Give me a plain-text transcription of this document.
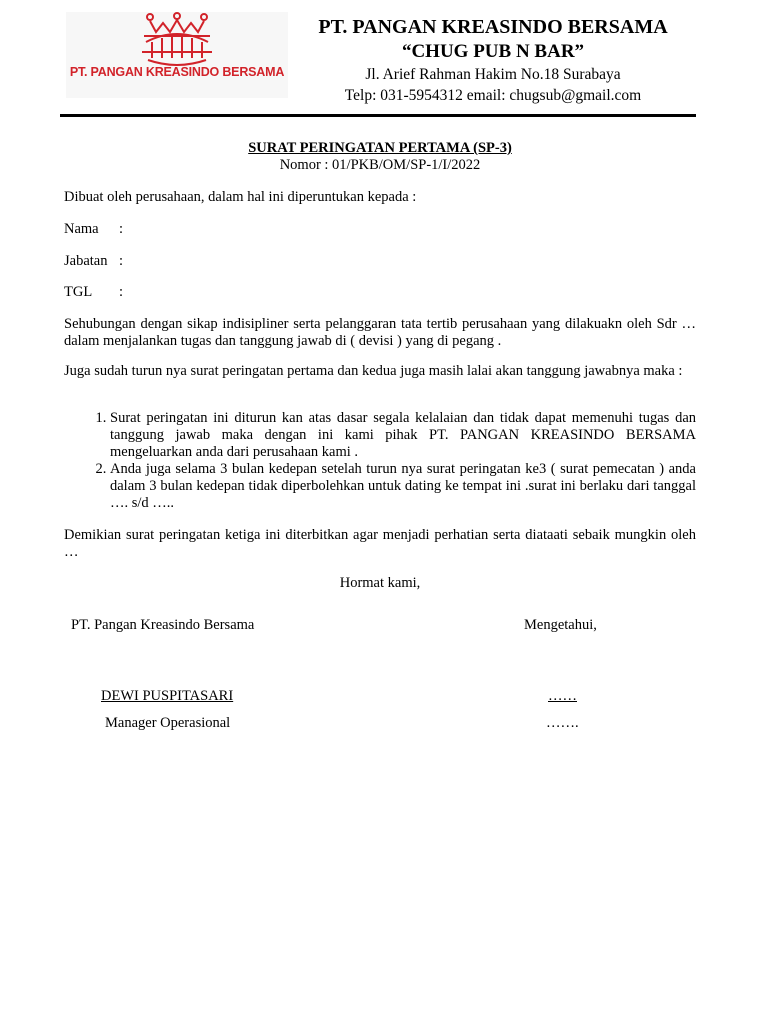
PT. PANGAN KREASINDO BERSAMA
PT. PANGAN KREASINDO BERSAMA
“CHUG PUB N BAR”
Jl. Arief Rahman Hakim No.18 Surabaya
Telp: 031-5954312 email: chugsub@gmail.com
SURAT PERINGATAN PERTAMA (SP-3)
Nomor : 01/PKB/OM/SP-1/I/2022
Dibuat oleh perusahaan, dalam hal ini diperuntukan kepada :
Nama :
Jabatan :
TGL :
Sehubungan dengan sikap indisipliner serta pelanggaran tata tertib perusahaan yang dilakuakn oleh Sdr … dalam menjalankan tugas dan tanggung jawab di ( devisi ) yang di pegang .
Juga sudah turun nya surat peringatan pertama dan kedua juga masih lalai akan tanggung jawabnya maka :
1. Surat peringatan ini diturun kan atas dasar segala kelalaian dan tidak dapat memenuhi tugas dan tanggung jawab maka dengan ini kami pihak PT. PANGAN KREASINDO BERSAMA mengeluarkan anda dari perusahaan kami .
2. Anda juga selama 3 bulan kedepan setelah turun nya surat peringatan ke3 ( surat pemecatan ) anda dalam 3 bulan kedepan tidak diperbolehkan untuk dating ke tempat ini .surat ini berlaku dari tanggal …. s/d …..
Demikian surat peringatan ketiga ini diterbitkan agar menjadi perhatian serta diataati sebaik mungkin oleh …
Hormat kami,
PT. Pangan Kreasindo Bersama	Mengetahui,
DEWI PUSPITASARI	……
Manager Operasional	…….
